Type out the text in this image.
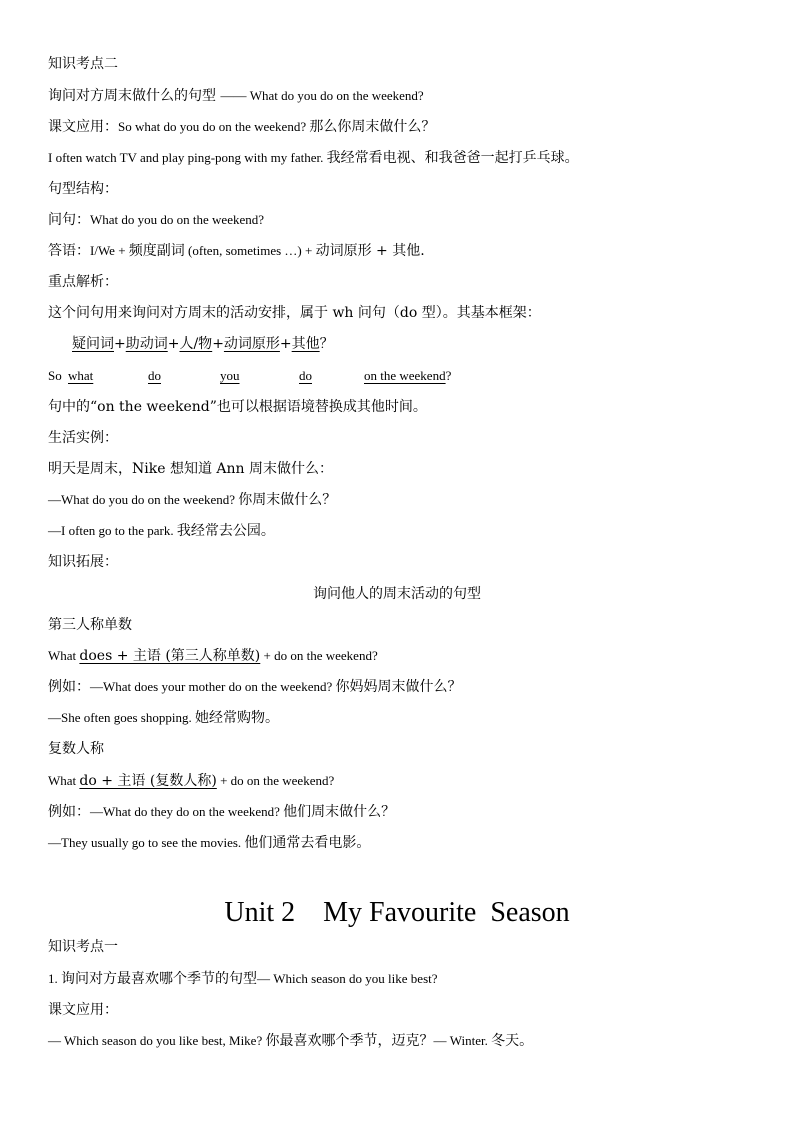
知识考点二
询问对方周末做什么的句型 —— What do you do on the weekend?
课文应用：So what do you do on the weekend? 那么你周末做什么？
I often watch TV and play ping-pong with my father. 我经常看电视、和我爸爸一起打乒乓球。
句型结构：
问句：What do you do on the weekend?
答语：I/We + 频度副词 (often, sometimes …) + 动词原形 + 其他.
重点解析：
这个问句用来询问对方周末的活动安排，属于 wh 问句（do 型）。其基本框架：
疑问词+助动词+人/物+动词原形+其他？
So what	do	you	do	on the weekend?
句中的“on the weekend”也可以根据语境替换成其他时间。
生活实例：
明天是周末，Nike 想知道 Ann 周末做什么：
—What do you do on the weekend? 你周末做什么？
—I often go to the park. 我经常去公园。
知识拓展：
询问他人的周末活动的句型
第三人称单数
What does + 主语 (第三人称单数) + do on the weekend?
例如：—What does your mother do on the weekend? 你妈妈周末做什么？
—She often goes shopping. 她经常购物。
复数人称
What do + 主语 (复数人称) + do on the weekend?
例如：—What do they do on the weekend? 他们周末做什么？
—They usually go to see the movies. 他们通常去看电影。
Unit 2    My Favourite  Season
知识考点一
1. 询问对方最喜欢哪个季节的句型— Which season do you like best?
课文应用：
— Which season do you like best, Mike? 你最喜欢哪个季节，迈克？— Winter. 冬天。
